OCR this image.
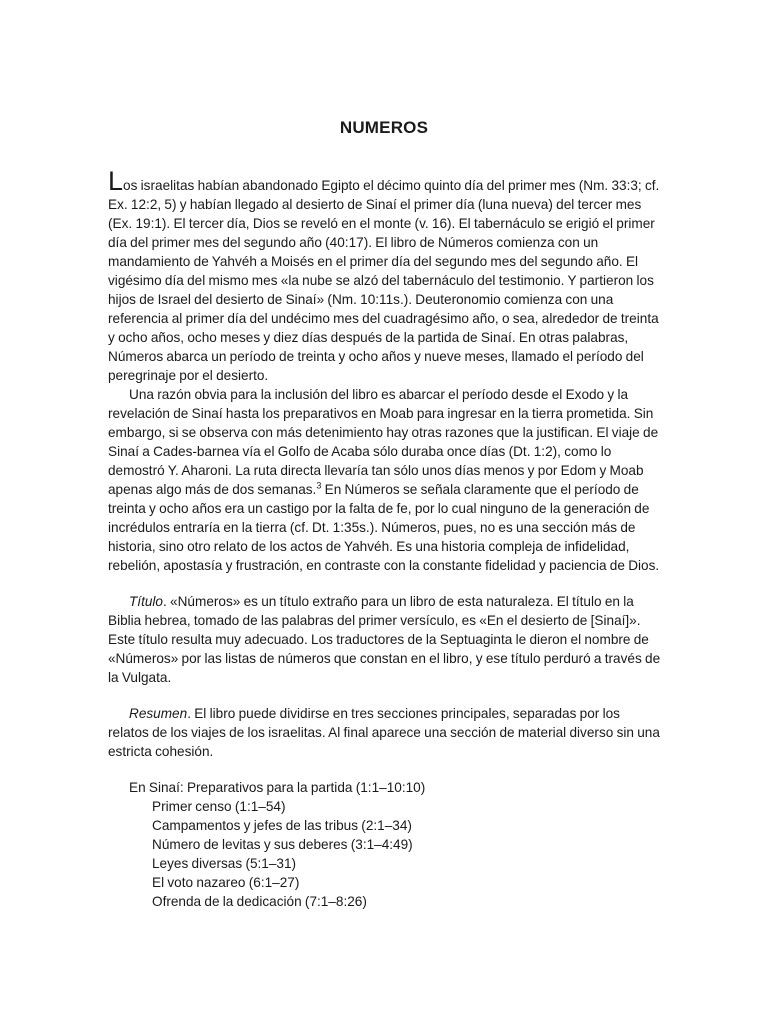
NUMEROS

Los israelitas habían abandonado Egipto el décimo quinto día del primer mes (Nm. 33:3; cf. Ex. 12:2, 5) y habían llegado al desierto de Sinaí el primer día (luna nueva) del tercer mes (Ex. 19:1). El tercer día, Dios se reveló en el monte (v. 16). El tabernáculo se erigió el primer día del primer mes del segundo año (40:17). El libro de Números comienza con un mandamiento de Yahvéh a Moisés en el primer día del segundo mes del segundo año. El vigésimo día del mismo mes «la nube se alzó del tabernáculo del testimonio. Y partieron los hijos de Israel del desierto de Sinaí» (Nm. 10:11s.). Deuteronomio comienza con una referencia al primer día del undécimo mes del cuadragésimo año, o sea, alrededor de treinta y ocho años, ocho meses y diez días después de la partida de Sinaí. En otras palabras, Números abarca un período de treinta y ocho años y nueve meses, llamado el período del peregrinaje por el desierto.

Una razón obvia para la inclusión del libro es abarcar el período desde el Exodo y la revelación de Sinaí hasta los preparativos en Moab para ingresar en la tierra prometida. Sin embargo, si se observa con más detenimiento hay otras razones que la justifican. El viaje de Sinaí a Cades-barnea vía el Golfo de Acaba sólo duraba once días (Dt. 1:2), como lo demostró Y. Aharoni. La ruta directa llevaría tan sólo unos días menos y por Edom y Moab apenas algo más de dos semanas.$^3$ En Números se señala claramente que el período de treinta y ocho años era un castigo por la falta de fe, por lo cual ninguno de la generación de incrédulos entraría en la tierra (cf. Dt. 1:35s.). Números, pues, no es una sección más de historia, sino otro relato de los actos de Yahvéh. Es una historia compleja de infidelidad, rebelión, apostasía y frustración, en contraste con la constante fidelidad y paciencia de Dios.

Título. «Números» es un título extraño para un libro de esta naturaleza. El título en la Biblia hebrea, tomado de las palabras del primer versículo, es «En el desierto de [Sinaí]». Este título resulta muy adecuado. Los traductores de la Septuaginta le dieron el nombre de «Números» por las listas de números que constan en el libro, y ese título perduró a través de la Vulgata.

Resumen. El libro puede dividirse en tres secciones principales, separadas por los relatos de los viajes de los israelitas. Al final aparece una sección de material diverso sin una estricta cohesión.

En Sinaí: Preparativos para la partida (1:1–10:10)
Primer censo (1:1–54)
Campamentos y jefes de las tribus (2:1–34)
Número de levitas y sus deberes (3:1–4:49)
Leyes diversas (5:1–31)
El voto nazareo (6:1–27)
Ofrenda de la dedicación (7:1–8:26)
